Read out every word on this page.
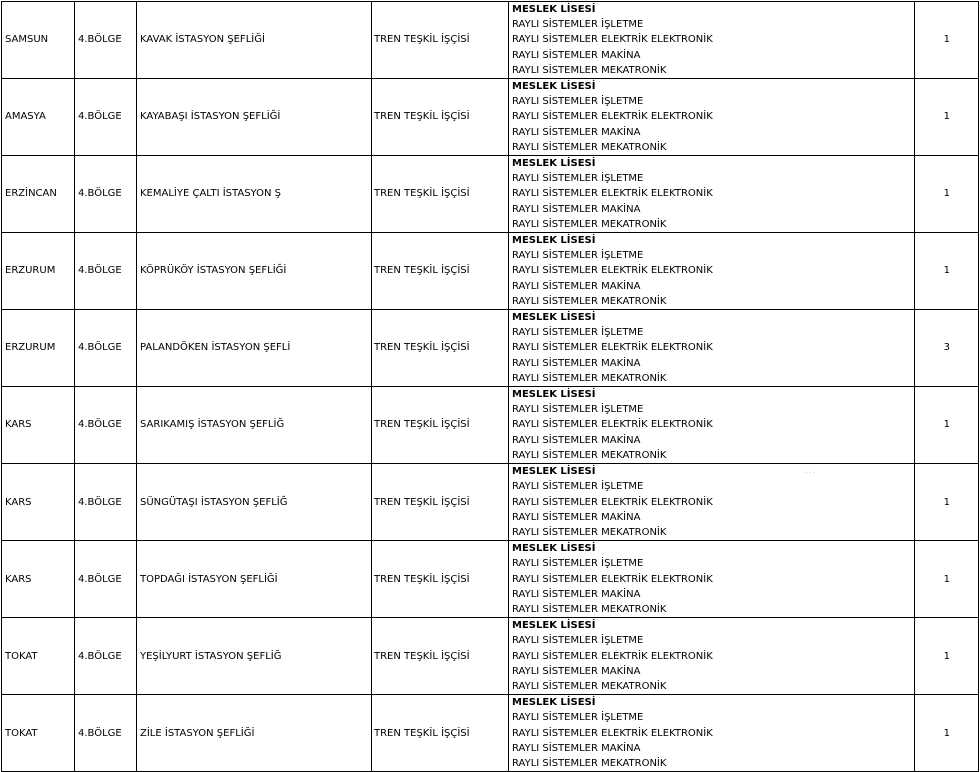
SAMSUN	4.BÖLGE	KAVAK İSTASYON ŞEFLİĞİ	TREN TEŞKİL İŞÇİSİ	MESLEK LİSESİ
RAYLI SİSTEMLER İŞLETME
RAYLI SİSTEMLER ELEKTRİK ELEKTRONİK
RAYLI SİSTEMLER MAKİNA
RAYLI SİSTEMLER MEKATRONİK	1
AMASYA	4.BÖLGE	KAYABAŞI İSTASYON ŞEFLİĞİ	TREN TEŞKİL İŞÇİSİ	MESLEK LİSESİ
RAYLI SİSTEMLER İŞLETME
RAYLI SİSTEMLER ELEKTRİK ELEKTRONİK
RAYLI SİSTEMLER MAKİNA
RAYLI SİSTEMLER MEKATRONİK	1
ERZİNCAN	4.BÖLGE	KEMALİYE ÇALTI İSTASYON Ş	TREN TEŞKİL İŞÇİSİ	MESLEK LİSESİ
RAYLI SİSTEMLER İŞLETME
RAYLI SİSTEMLER ELEKTRİK ELEKTRONİK
RAYLI SİSTEMLER MAKİNA
RAYLI SİSTEMLER MEKATRONİK	1
ERZURUM	4.BÖLGE	KÖPRÜKÖY İSTASYON ŞEFLİĞİ	TREN TEŞKİL İŞÇİSİ	MESLEK LİSESİ
RAYLI SİSTEMLER İŞLETME
RAYLI SİSTEMLER ELEKTRİK ELEKTRONİK
RAYLI SİSTEMLER MAKİNA
RAYLI SİSTEMLER MEKATRONİK	1
ERZURUM	4.BÖLGE	PALANDÖKEN İSTASYON ŞEFLİ	TREN TEŞKİL İŞÇİSİ	MESLEK LİSESİ
RAYLI SİSTEMLER İŞLETME
RAYLI SİSTEMLER ELEKTRİK ELEKTRONİK
RAYLI SİSTEMLER MAKİNA
RAYLI SİSTEMLER MEKATRONİK	3
KARS	4.BÖLGE	SARIKAMIŞ İSTASYON ŞEFLİĞ	TREN TEŞKİL İŞÇİSİ	MESLEK LİSESİ
RAYLI SİSTEMLER İŞLETME
RAYLI SİSTEMLER ELEKTRİK ELEKTRONİK
RAYLI SİSTEMLER MAKİNA
RAYLI SİSTEMLER MEKATRONİK	1
KARS	4.BÖLGE	SÜNGÜTAŞI İSTASYON ŞEFLİĞ	TREN TEŞKİL İŞÇİSİ	MESLEK LİSESİ
RAYLI SİSTEMLER İŞLETME
RAYLI SİSTEMLER ELEKTRİK ELEKTRONİK
RAYLI SİSTEMLER MAKİNA
RAYLI SİSTEMLER MEKATRONİK	1
KARS	4.BÖLGE	TOPDAĞI İSTASYON ŞEFLİĞİ	TREN TEŞKİL İŞÇİSİ	MESLEK LİSESİ
RAYLI SİSTEMLER İŞLETME
RAYLI SİSTEMLER ELEKTRİK ELEKTRONİK
RAYLI SİSTEMLER MAKİNA
RAYLI SİSTEMLER MEKATRONİK	1
TOKAT	4.BÖLGE	YEŞİLYURT İSTASYON ŞEFLİĞ	TREN TEŞKİL İŞÇİSİ	MESLEK LİSESİ
RAYLI SİSTEMLER İŞLETME
RAYLI SİSTEMLER ELEKTRİK ELEKTRONİK
RAYLI SİSTEMLER MAKİNA
RAYLI SİSTEMLER MEKATRONİK	1
TOKAT	4.BÖLGE	ZİLE İSTASYON ŞEFLİĞİ	TREN TEŞKİL İŞÇİSİ	MESLEK LİSESİ
RAYLI SİSTEMLER İŞLETME
RAYLI SİSTEMLER ELEKTRİK ELEKTRONİK
RAYLI SİSTEMLER MAKİNA
RAYLI SİSTEMLER MEKATRONİK	1
...
